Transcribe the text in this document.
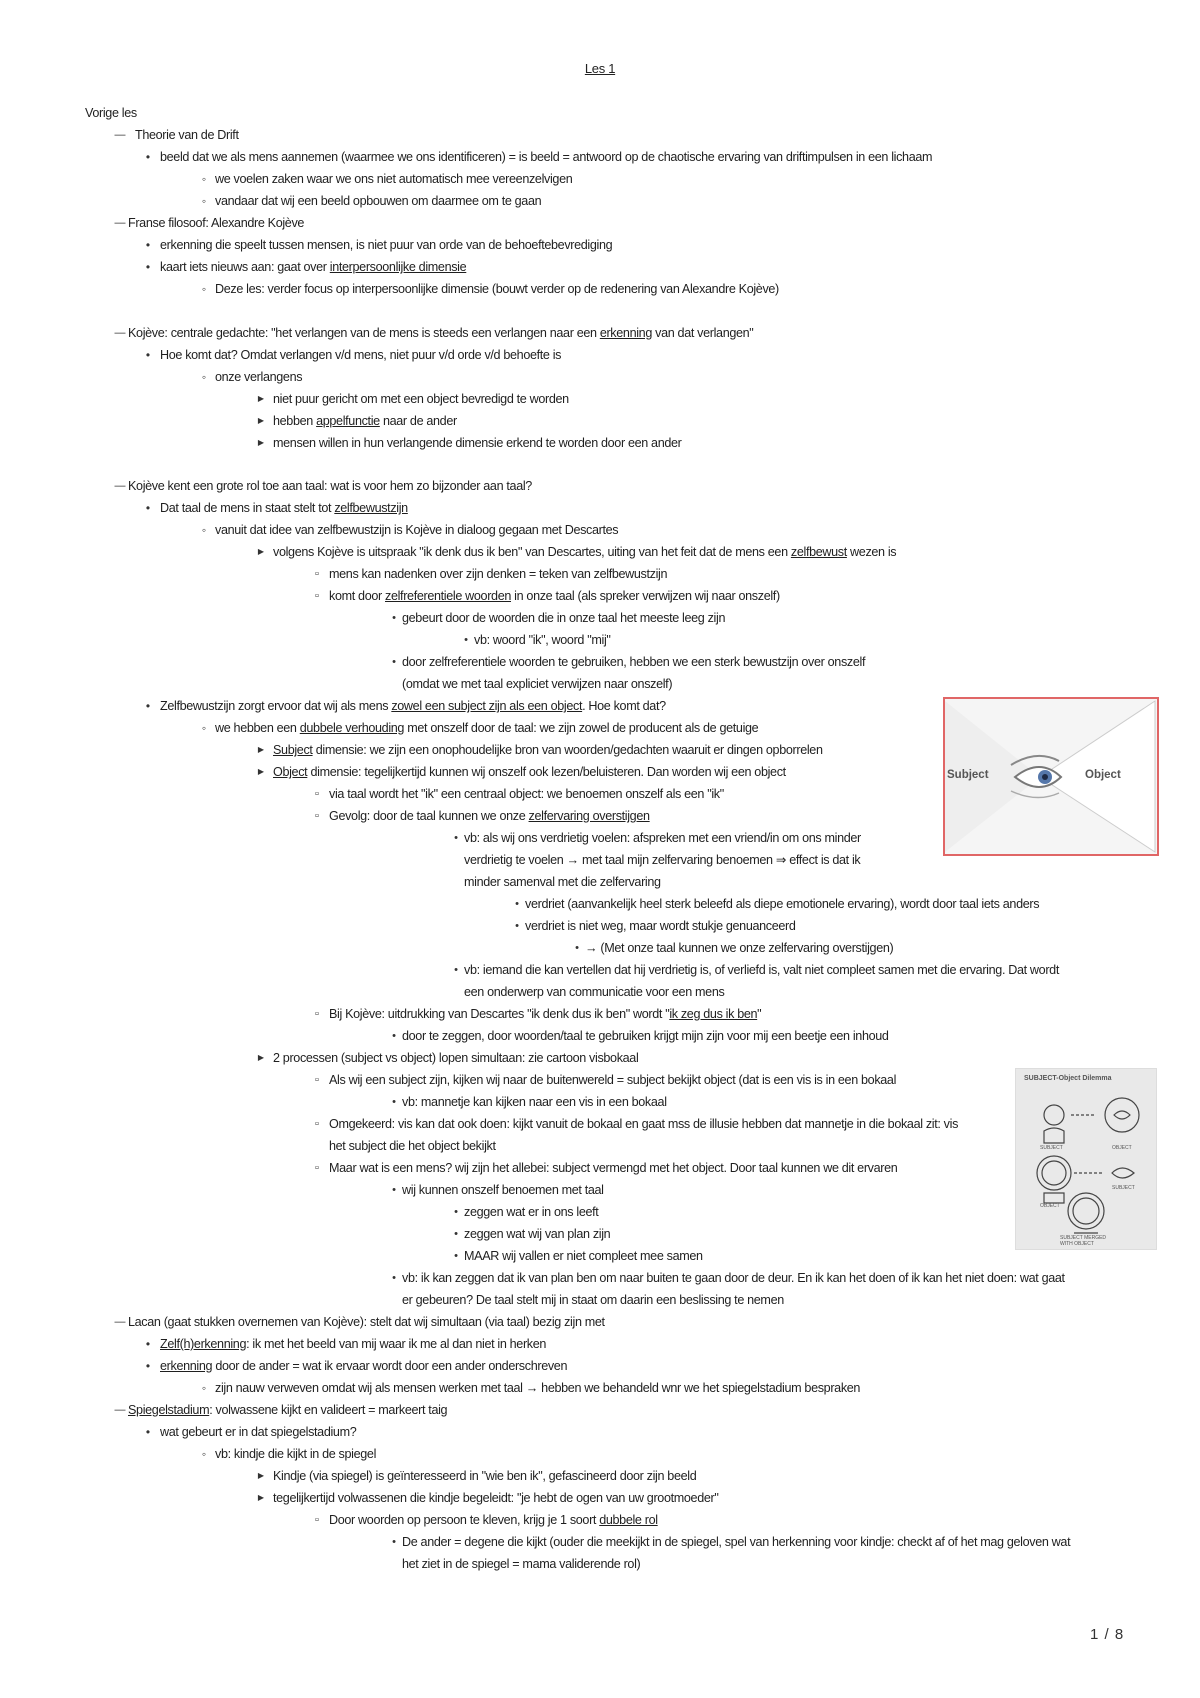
Les 1
Vorige les
—
Theorie van de Drift
•
beeld dat we als mens aannemen (waarmee we ons identificeren) = is beeld = antwoord op de chaotische ervaring van driftimpulsen in een lichaam
◦
we voelen zaken waar we ons niet automatisch mee vereenzelvigen
◦
vandaar dat wij een beeld opbouwen om daarmee om te gaan
—
Franse filosoof: Alexandre Kojève
•
erkenning die speelt tussen mensen, is niet puur van orde van de behoeftebevrediging
•
kaart iets nieuws aan: gaat over interpersoonlijke dimensie
◦
Deze les: verder focus op interpersoonlijke dimensie (bouwt verder op de redenering van Alexandre Kojève)
—
Kojève: centrale gedachte: "het verlangen van de mens is steeds een verlangen naar een erkenning van dat verlangen"
•
Hoe komt dat? Omdat verlangen v/d mens, niet puur v/d orde v/d behoefte is
◦
onze verlangens
▶
niet puur gericht om met een object bevredigd te worden
▶
hebben appelfunctie naar de ander
▶
mensen willen in hun verlangende dimensie erkend te worden door een ander
—
Kojève kent een grote rol toe aan taal: wat is voor hem zo bijzonder aan taal?
•
Dat taal de mens in staat stelt tot zelfbewustzijn
◦
vanuit dat idee van zelfbewustzijn is Kojève in dialoog gegaan met Descartes
▶
volgens Kojève is uitspraak "ik denk dus ik ben" van Descartes, uiting van het feit dat de mens een zelfbewust wezen is
▫
mens kan nadenken over zijn denken = teken van zelfbewustzijn
▫
komt door zelfreferentiele woorden in onze taal (als spreker verwijzen wij naar onszelf)
•
gebeurt door de woorden die in onze taal het meeste leeg zijn
•
vb: woord "ik", woord "mij"
•
door zelfreferentiele woorden te gebruiken, hebben we een sterk bewustzijn over onszelf
(omdat we met taal expliciet verwijzen naar onszelf)
•
Zelfbewustzijn zorgt ervoor dat wij als mens zowel een subject zijn als een object. Hoe komt dat?
◦
we hebben een dubbele verhouding met onszelf door de taal: we zijn zowel de producent als de getuige
▶
Subject dimensie: we zijn een onophoudelijke bron van woorden/gedachten waaruit er dingen opborrelen
▶
Object dimensie: tegelijkertijd kunnen wij onszelf ook lezen/beluisteren. Dan worden wij een object
▫
via taal wordt het "ik" een centraal object: we benoemen onszelf als een "ik"
▫
Gevolg: door de taal kunnen we onze zelfervaring overstijgen
•
vb: als wij ons verdrietig voelen: afspreken met een vriend/in om ons minder
verdrietig te voelen → met taal mijn zelfervaring benoemen ⇒ effect is dat ik
minder samenval met die zelfervaring
•
verdriet (aanvankelijk heel sterk beleefd als diepe emotionele ervaring), wordt door taal iets anders
•
verdriet is niet weg, maar wordt stukje genuanceerd
•
→ (Met onze taal kunnen we onze zelfervaring overstijgen)
•
vb: iemand die kan vertellen dat hij verdrietig is, of verliefd is, valt niet compleet samen met die ervaring. Dat wordt
een onderwerp van communicatie voor een mens
▫
Bij Kojève: uitdrukking van Descartes "ik denk dus ik ben" wordt "ik zeg dus ik ben"
•
door te zeggen, door woorden/taal te gebruiken krijgt mijn zijn voor mij een beetje een inhoud
▶
2 processen (subject vs object) lopen simultaan: zie cartoon visbokaal
▫
Als wij een subject zijn, kijken wij naar de buitenwereld = subject bekijkt object (dat is een vis is in een bokaal
•
vb: mannetje kan kijken naar een vis in een bokaal
▫
Omgekeerd: vis kan dat ook doen: kijkt vanuit de bokaal en gaat mss de illusie hebben dat mannetje in die bokaal zit: vis
het subject die het object bekijkt
▫
Maar wat is een mens? wij zijn het allebei: subject vermengd met het object. Door taal kunnen we dit ervaren
•
wij kunnen onszelf benoemen met taal
•
zeggen wat er in ons leeft
•
zeggen wat wij van plan zijn
•
MAAR wij vallen er niet compleet mee samen
•
vb: ik kan zeggen dat ik van plan ben om naar buiten te gaan door de deur. En ik kan het doen of ik kan het niet doen: wat gaat
er gebeuren? De taal stelt mij in staat om daarin een beslissing te nemen
—
Lacan (gaat stukken overnemen van Kojève): stelt dat wij simultaan (via taal) bezig zijn met
•
Zelf(h)erkenning: ik met het beeld van mij waar ik me al dan niet in herken
•
erkenning door de ander = wat ik ervaar wordt door een ander onderschreven
◦
zijn nauw verweven omdat wij als mensen werken met taal → hebben we behandeld wnr we het spiegelstadium bespraken
—
Spiegelstadium: volwassene kijkt en valideert = markeert taig
•
wat gebeurt er in dat spiegelstadium?
◦
vb: kindje die kijkt in de spiegel
▶
Kindje (via spiegel) is geïnteresseerd in "wie ben ik", gefascineerd door zijn beeld
▶
tegelijkertijd volwassenen die kindje begeleidt: "je hebt de ogen van uw grootmoeder"
▫
Door woorden op persoon te kleven, krijg je 1 soort dubbele rol
•
De ander = degene die kijkt (ouder die meekijkt in de spiegel, spel van herkenning voor kindje: checkt af of het mag geloven wat
het ziet in de spiegel = mama validerende rol)
Subject	Object
SUBJECT-Object Dilemma
SUBJECT	OBJECT
OBJECT
SUBJECT
SUBJECT MERGED WITH OBJECT
1 / 8
